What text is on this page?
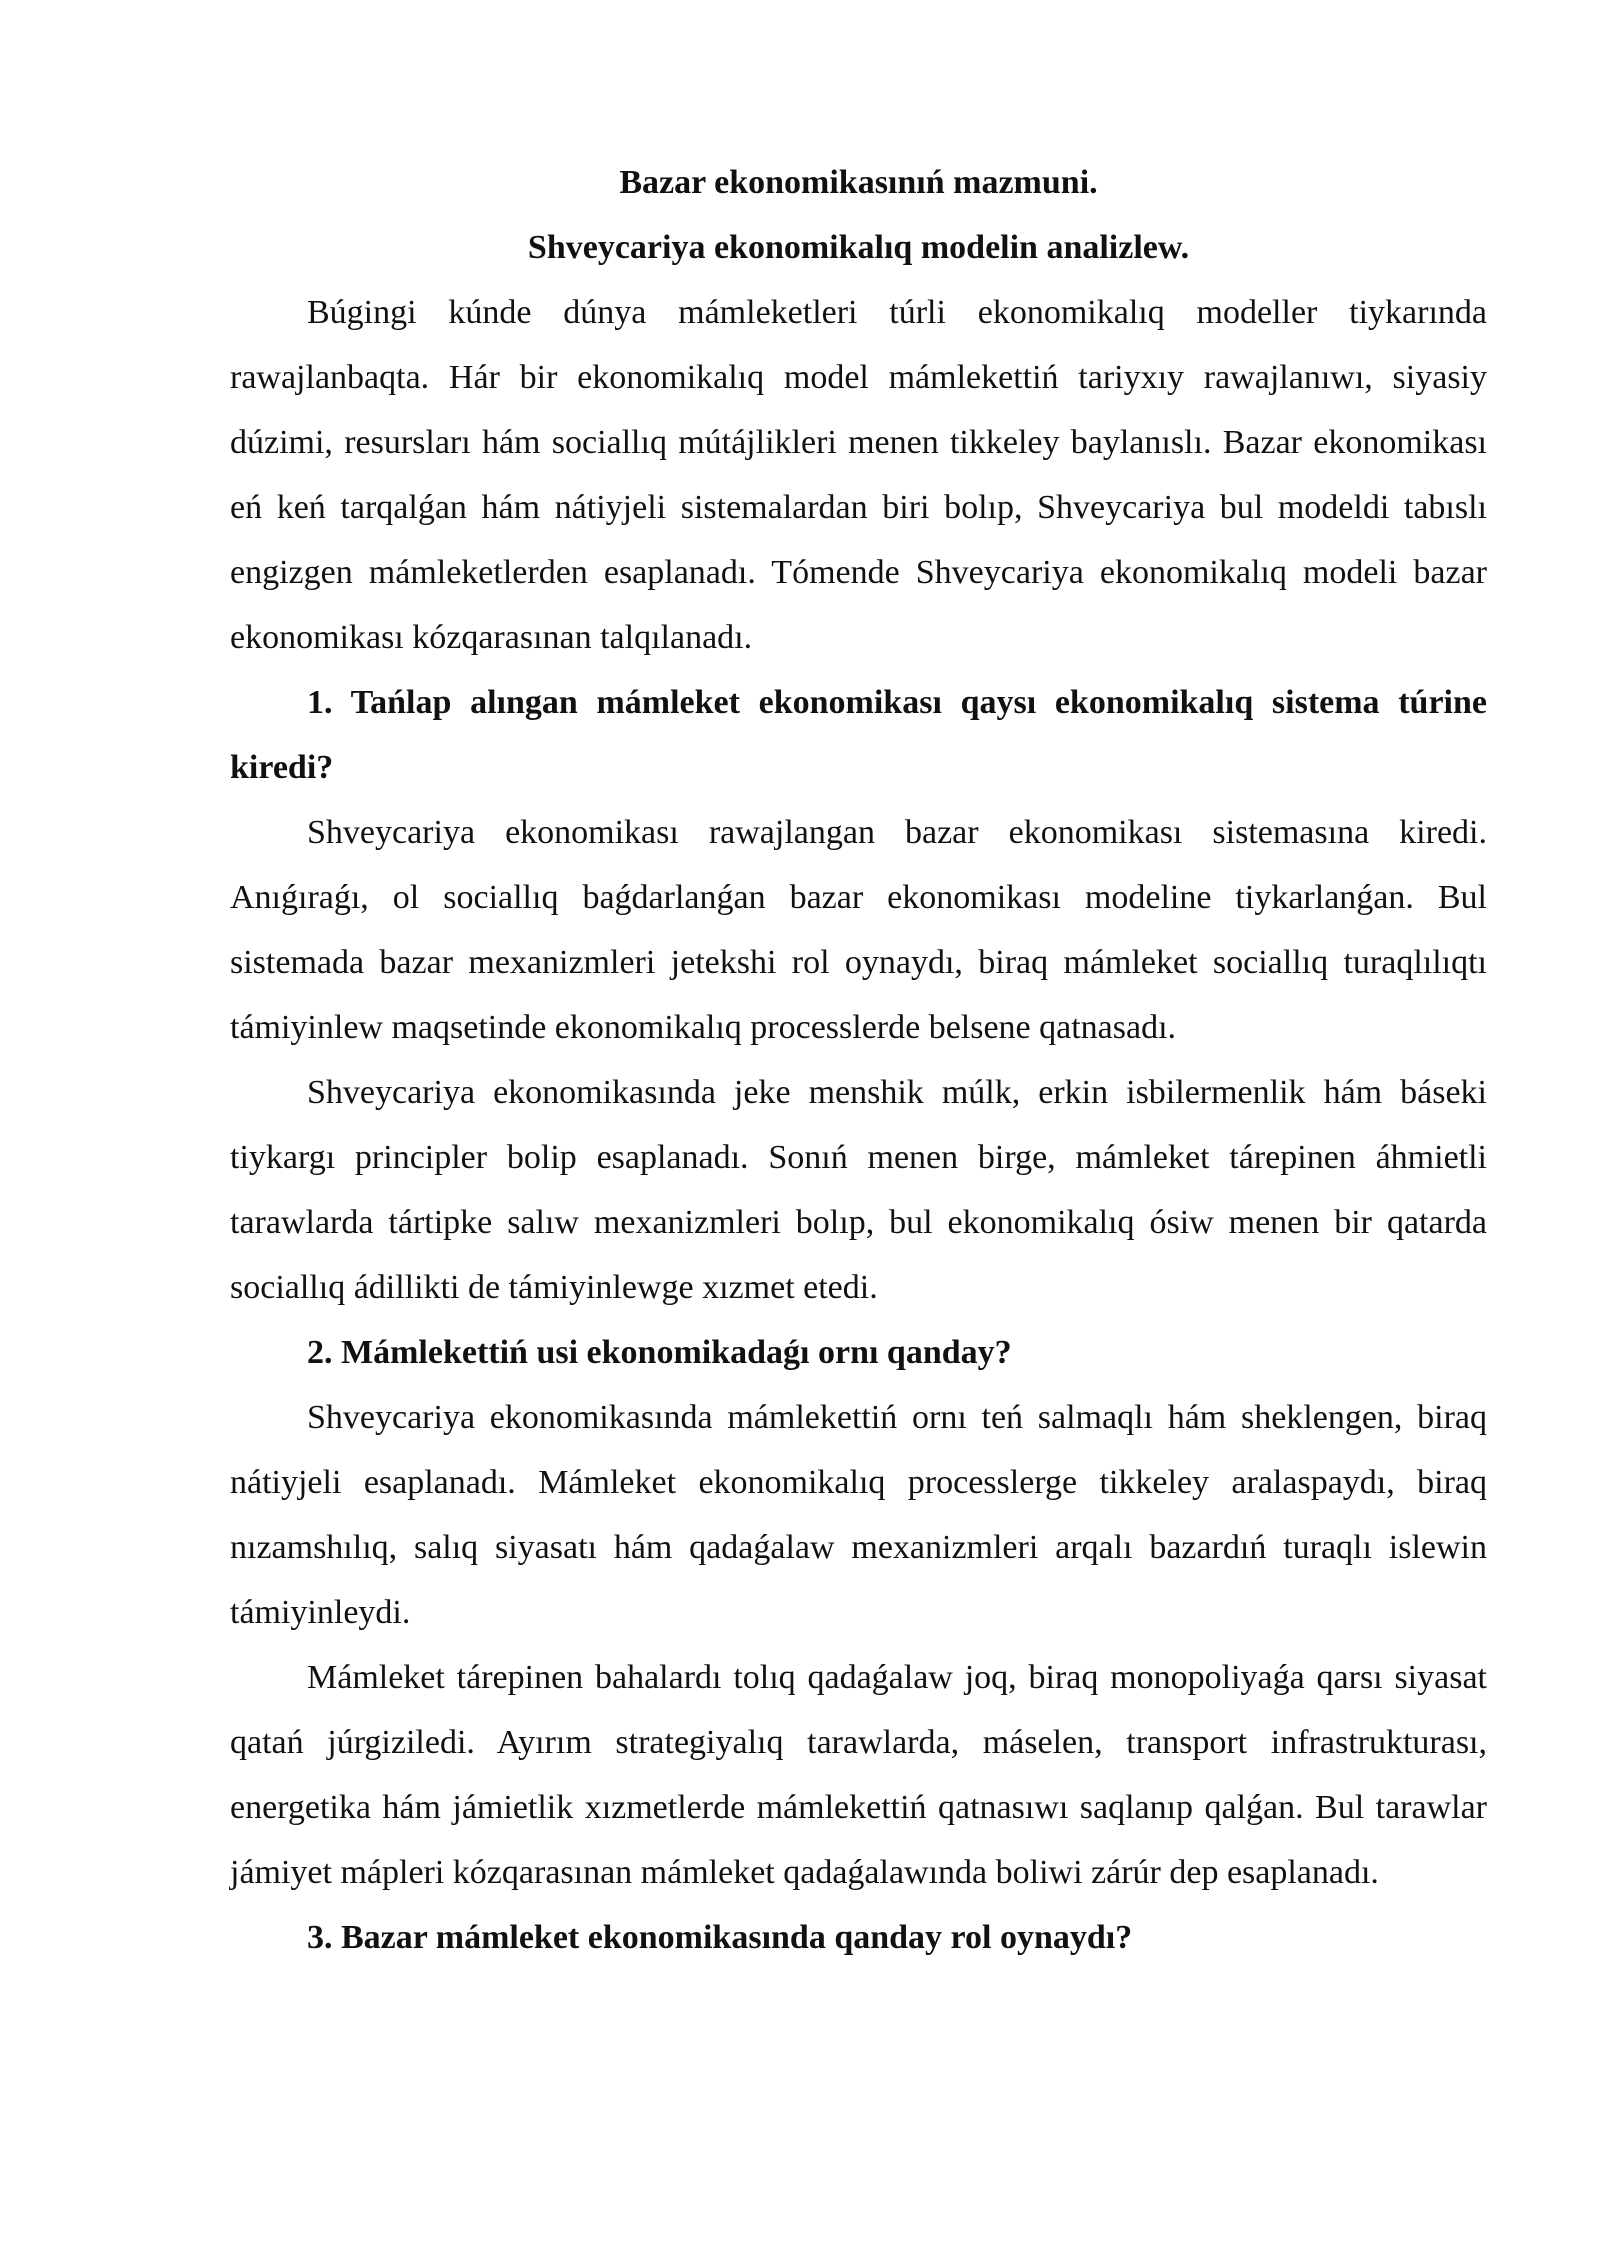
Bazar ekonomikasınıń mazmuni.

Shveycariya ekonomikalıq modelin analizlew.

Búgingi kúnde dúnya mámleketleri túrli ekonomikalıq modeller tiykarında rawajlanbaqta. Hár bir ekonomikalıq model mámlekettiń tariyxıy rawajlanıwı, siyasiy dúzimi, resursları hám sociallıq mútájlikleri menen tikkeley baylanıslı. Bazar ekonomikası eń keń tarqalǵan hám nátiyjeli sistemalardan biri bolıp, Shveycariya bul modeldi tabıslı engizgen mámleketlerden esaplanadı. Tómende Shveycariya ekonomikalıq modeli bazar ekonomikası kózqarasınan talqılanadı.

1. Tańlap alıngan mámleket ekonomikası qaysı ekonomikalıq sistema túrine kiredi?

Shveycariya ekonomikası rawajlangan bazar ekonomikası sistemasına kiredi. Anıǵıraǵı, ol sociallıq baǵdarlanǵan bazar ekonomikası modeline tiykarlanǵan. Bul sistemada bazar mexanizmleri jetekshi rol oynaydı, biraq mámleket sociallıq turaqlılıqtı támiyinlew maqsetinde ekonomikalıq processlerde belsene qatnasadı.

Shveycariya ekonomikasında jeke menshik múlk, erkin isbilermenlik hám báseki tiykargı principler bolip esaplanadı. Sonıń menen birge, mámleket tárepinen áhmietli tarawlarda tártipke salıw mexanizmleri bolıp, bul ekonomikalıq ósiw menen bir qatarda sociallıq ádillikti de támiyinlewge xızmet etedi.

2. Mámlekettiń usi ekonomikadaǵı ornı qanday?

Shveycariya ekonomikasında mámlekettiń ornı teń salmaqlı hám sheklengen, biraq nátiyjeli esaplanadı. Mámleket ekonomikalıq processlerge tikkeley aralaspaydı, biraq nızamshılıq, salıq siyasatı hám qadaǵalaw mexanizmleri arqalı bazardıń turaqlı islewin támiyinleydi.

Mámleket tárepinen bahalardı tolıq qadaǵalaw joq, biraq monopoliyaǵa qarsı siyasat qatań júrgiziledi. Ayırım strategiyalıq tarawlarda, máselen, transport infrastrukturası, energetika hám jámietlik xızmetlerde mámlekettiń qatnasıwı saqlanıp qalǵan. Bul tarawlar jámiyet mápleri kózqarasınan mámleket qadaǵalawında boliwi zárúr dep esaplanadı.

3. Bazar mámleket ekonomikasında qanday rol oynaydı?
